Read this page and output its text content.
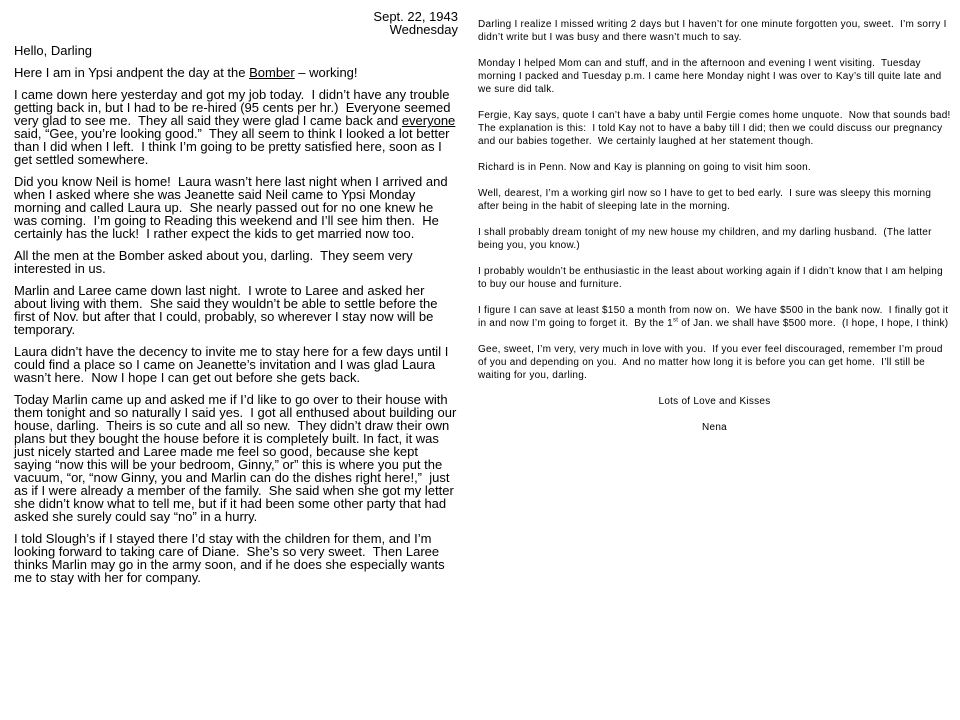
Sept. 22, 1943
Wednesday

Hello, Darling

Here I am in Ypsi andpent the day at the Bomber – working!

I came down here yesterday and got my job today.  I didn’t have any trouble getting back in, but I had to be re-hired (95 cents per hr.)  Everyone seemed very glad to see me.  They all said they were glad I came back and everyone said, “Gee, you’re looking good.”  They all seem to think I looked a lot better than I did when I left.  I think I’m going to be pretty satisfied here, soon as I get settled somewhere.

Did you know Neil is home!  Laura wasn’t here last night when I arrived and when I asked where she was Jeanette said Neil came to Ypsi Monday morning and called Laura up.  She nearly passed out for no one knew he was coming.  I’m going to Reading this weekend and I’ll see him then.  He certainly has the luck!  I rather expect the kids to get married now too.

All the men at the Bomber asked about you, darling.  They seem very interested in us.

Marlin and Laree came down last night.  I wrote to Laree and asked her about living with them.  She said they wouldn’t be able to settle before the first of Nov. but after that I could, probably, so wherever I stay now will be temporary.

Laura didn’t have the decency to invite me to stay here for a few days until I could find a place so I came on Jeanette’s invitation and I was glad Laura wasn’t here.  Now I hope I can get out before she gets back.

Today Marlin came up and asked me if I’d like to go over to their house with them tonight and so naturally I said yes.  I got all enthused about building our house, darling.  Theirs is so cute and all so new.  They didn’t draw their own plans but they bought the house before it is completely built. In fact, it was just nicely started and Laree made me feel so good, because she kept saying “now this will be your bedroom, Ginny,” or” this is where you put the vacuum, “or, “now Ginny, you and Marlin can do the dishes right here!,”  just as if I were already a member of the family.  She said when she got my letter she didn’t know what to tell me, but if it had been some other party that had asked she surely could say “no” in a hurry.

I told Slough’s if I stayed there I’d stay with the children for them, and I’m looking forward to taking care of Diane.  She’s so very sweet.  Then Laree thinks Marlin may go in the army soon, and if he does she especially wants me to stay with her for company.

Darling I realize I missed writing 2 days but I haven’t for one minute forgotten you, sweet.  I’m sorry I didn’t write but I was busy and there wasn’t much to say.

Monday I helped Mom can and stuff, and in the afternoon and evening I went visiting.  Tuesday morning I packed and Tuesday p.m. I came here Monday night I was over to Kay’s till quite late and we sure did talk.

Fergie, Kay says, quote I can’t have a baby until Fergie comes home unquote.  Now that sounds bad!  The explanation is this:  I told Kay not to have a baby till I did; then we could discuss our pregnancy and our babies together.  We certainly laughed at her statement though.

Richard is in Penn. Now and Kay is planning on going to visit him soon.

Well, dearest, I’m a working girl now so I have to get to bed early.  I sure was sleepy this morning after being in the habit of sleeping late in the morning.

I shall probably dream tonight of my new house my children, and my darling husband.  (The latter being you, you know.)

I probably wouldn’t be enthusiastic in the least about working again if I didn’t know that I am helping to buy our house and furniture.

I figure I can save at least $150 a month from now on.  We have $500 in the bank now.  I finally got it in and now I’m going to forget it.  By the 1st of Jan. we shall have $500 more.  (I hope, I hope, I think)

Gee, sweet, I’m very, very much in love with you.  If you ever feel discouraged, remember I’m proud of you and depending on you.  And no matter how long it is before you can get home.  I’ll still be waiting for you, darling.

Lots of Love and Kisses

Nena
